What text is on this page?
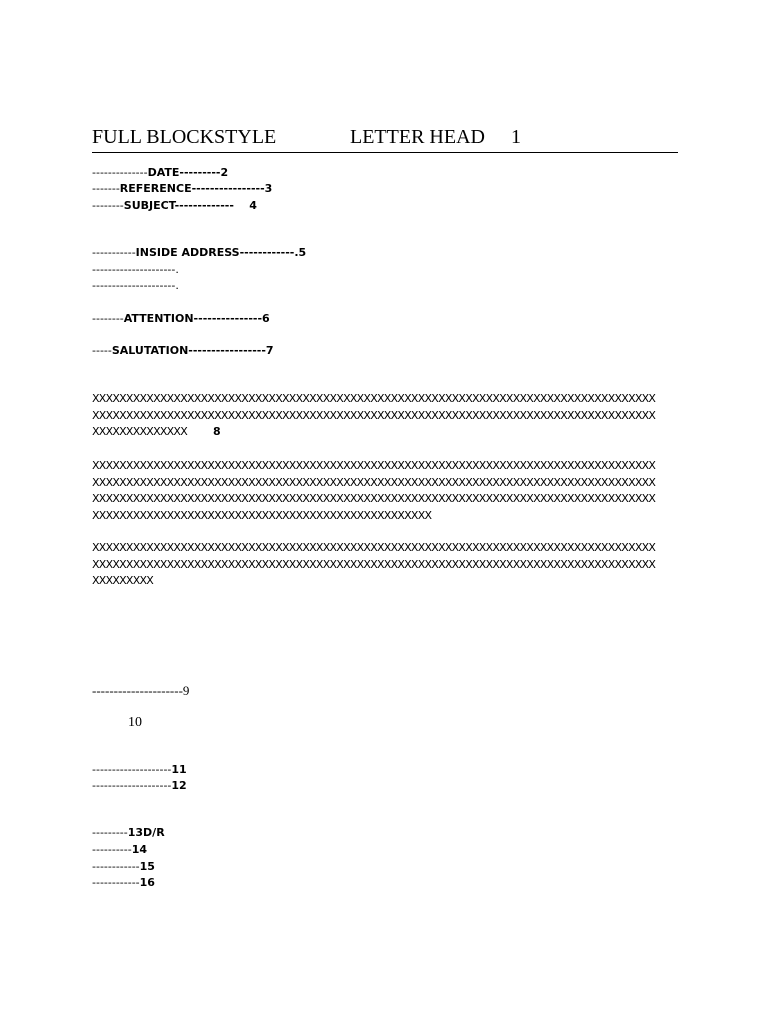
FULL BLOCKSTYLE	LETTER HEAD 1
--------------DATE---------2
-------REFERENCE----------------3
--------SUBJECT-------------    4
-----------INSIDE ADDRESS------------.5
---------------------.
---------------------.
--------ATTENTION---------------6
-----SALUTATION-----------------7
XXXXXXXXXXXXXXXXXXXXXXXXXXXXXXXXXXXXXXXXXXXXXXXXXXXXXXXXXXXXXXXXXXXXXXXXXXXXXXXXXXX
XXXXXXXXXXXXXXXXXXXXXXXXXXXXXXXXXXXXXXXXXXXXXXXXXXXXXXXXXXXXXXXXXXXXXXXXXXXXXXXXXXX
XXXXXXXXXXXXXX 8
XXXXXXXXXXXXXXXXXXXXXXXXXXXXXXXXXXXXXXXXXXXXXXXXXXXXXXXXXXXXXXXXXXXXXXXXXXXXXXXXXXX
XXXXXXXXXXXXXXXXXXXXXXXXXXXXXXXXXXXXXXXXXXXXXXXXXXXXXXXXXXXXXXXXXXXXXXXXXXXXXXXXXXX
XXXXXXXXXXXXXXXXXXXXXXXXXXXXXXXXXXXXXXXXXXXXXXXXXXXXXXXXXXXXXXXXXXXXXXXXXXXXXXXXXXX
XXXXXXXXXXXXXXXXXXXXXXXXXXXXXXXXXXXXXXXXXXXXXXXXXX
XXXXXXXXXXXXXXXXXXXXXXXXXXXXXXXXXXXXXXXXXXXXXXXXXXXXXXXXXXXXXXXXXXXXXXXXXXXXXXXXXXX
XXXXXXXXXXXXXXXXXXXXXXXXXXXXXXXXXXXXXXXXXXXXXXXXXXXXXXXXXXXXXXXXXXXXXXXXXXXXXXXXXXX
XXXXXXXXX
---------------------9
10
--------------------11
--------------------12
---------13D/R
----------14
------------15
------------16
